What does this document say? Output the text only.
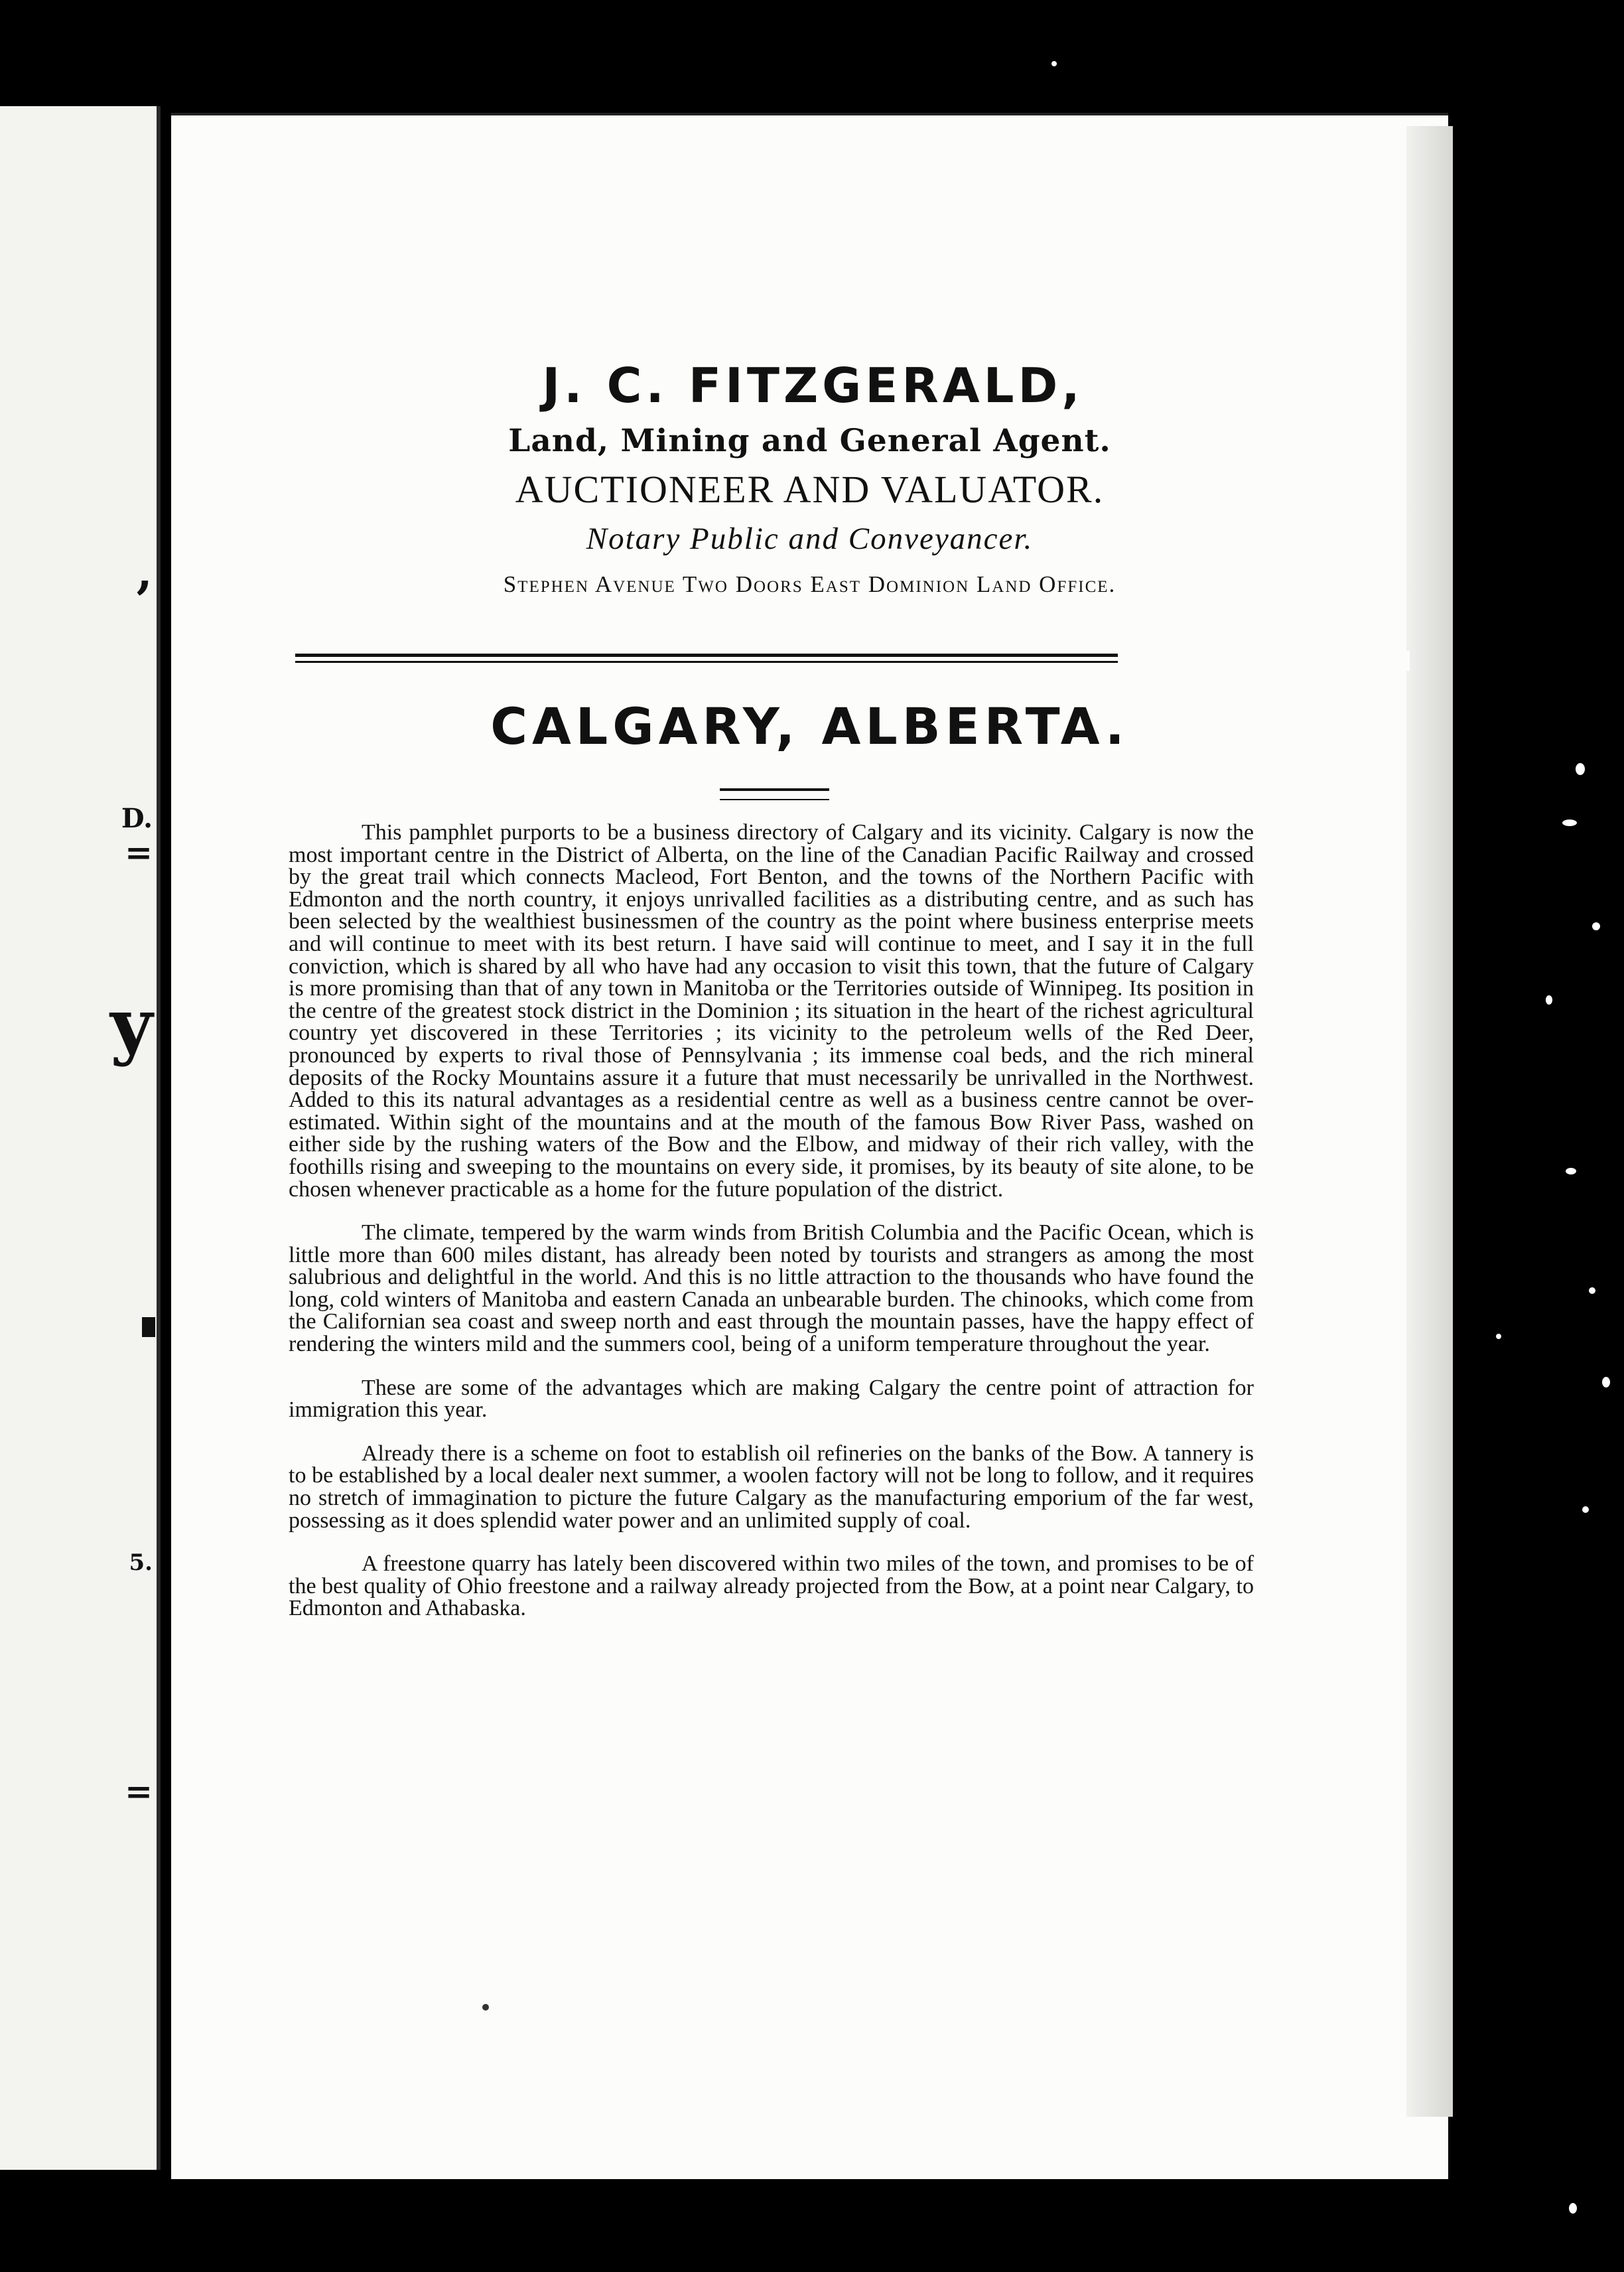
,
D.
=
y
5.
=
J. C. FITZGERALD,
Land, Mining and General Agent.
AUCTIONEER AND VALUATOR.
Notary Public and Conveyancer.
Stephen Avenue Two Doors East Dominion Land Office.
CALGARY, ALBERTA.

This pamphlet purports to be a business directory of Calgary and its vicinity. Calgary is now the most important centre in the District of Alberta, on the line of the Canadian Pacific Railway and crossed by the great trail which connects Macleod, Fort Benton, and the towns of the Northern Pacific with Edmonton and the north country, it enjoys unrivalled facilities as a distributing centre, and as such has been selected by the wealthiest businessmen of the country as the point where business enterprise meets and will continue to meet with its best return. I have said will continue to meet, and I say it in the full conviction, which is shared by all who have had any occasion to visit this town, that the future of Calgary is more promising than that of any town in Manitoba or the Territories outside of Winnipeg. Its position in the centre of the greatest stock district in the Dominion ; its situation in the heart of the richest agricultural country yet discovered in these Territories ; its vicinity to the petroleum wells of the Red Deer, pronounced by experts to rival those of Pennsylvania ; its immense coal beds, and the rich mineral deposits of the Rocky Mountains assure it a future that must necessarily be unrivalled in the Northwest. Added to this its natural advantages as a residential centre as well as a business centre cannot be over-estimated. Within sight of the mountains and at the mouth of the famous Bow River Pass, washed on either side by the rushing waters of the Bow and the Elbow, and midway of their rich valley, with the foothills rising and sweeping to the mountains on every side, it promises, by its beauty of site alone, to be chosen whenever practicable as a home for the future population of the district.

The climate, tempered by the warm winds from British Columbia and the Pacific Ocean, which is little more than 600 miles distant, has already been noted by tourists and strangers as among the most salubrious and delightful in the world. And this is no little attraction to the thousands who have found the long, cold winters of Manitoba and eastern Canada an unbearable burden. The chinooks, which come from the Californian sea coast and sweep north and east through the mountain passes, have the happy effect of rendering the winters mild and the summers cool, being of a uniform temperature throughout the year.

These are some of the advantages which are making Calgary the centre point of attraction for immigration this year.

Already there is a scheme on foot to establish oil refineries on the banks of the Bow. A tannery is to be established by a local dealer next summer, a woolen factory will not be long to follow, and it requires no stretch of immagination to picture the future Calgary as the manufacturing emporium of the far west, possessing as it does splendid water power and an unlimited supply of coal.

A freestone quarry has lately been discovered within two miles of the town, and promises to be of the best quality of Ohio freestone and a railway already projected from the Bow, at a point near Calgary, to Edmonton and Athabaska.
